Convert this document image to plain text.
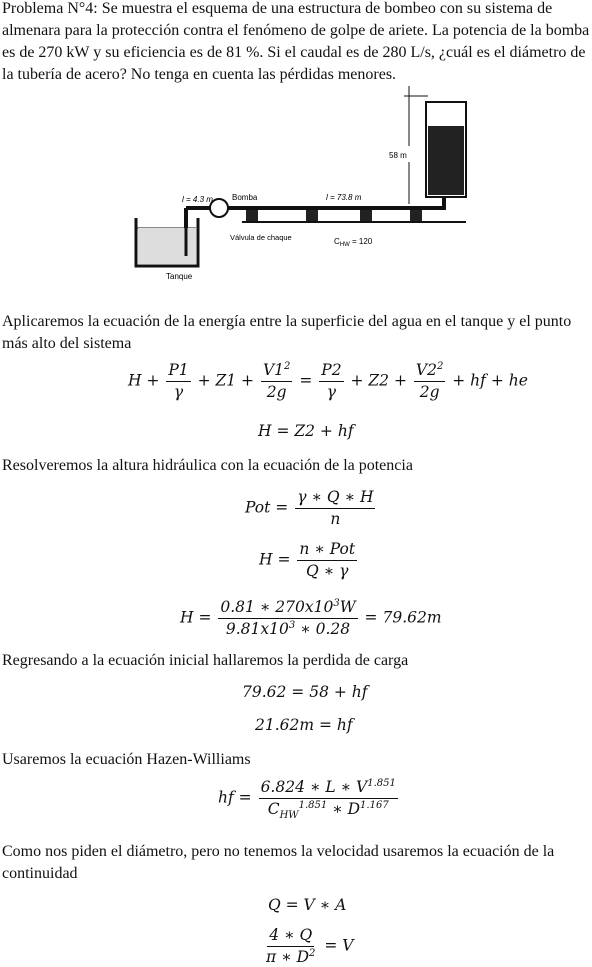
Problema N°4: Se muestra el esquema de una estructura de bombeo con su sistema de almenara para la protección contra el fenómeno de golpe de ariete. La potencia de la bomba es de 270 kW y su eficiencia es de 81 %. Si el caudal es de 280 L/s, ¿cuál es el diámetro de la tubería de acero? No tenga en cuenta las pérdidas menores.
58 m
Bomba
l = 4.3 m	l = 73.8 m
Tanque
Válvula de chaque	$C_{HW} = 120$
Aplicaremos la ecuación de la energía entre la superficie del agua en el tanque y el punto más alto del sistema
$H + \frac{P1}{\gamma} + Z1 + \frac{V1^2}{2g} = \frac{P2}{\gamma} + Z2 + \frac{V2^2}{2g}$ + hf + he
H = Z2 + hf
Resolveremos la altura hidráulica con la ecuación de la potencia
Pot = $\frac{\gamma ∗ Q ∗ H}{n}$
$H = \frac{\text{n ∗ Pot}}{Q ∗ \gamma}$
$H = \frac{0.81 ∗ 270x10^3W}{9.81x10^3 ∗ 0.28} = 79.62m$
Regresando a la ecuación inicial hallaremos la perdida de carga
79.62 = 58 + hf
21.62m = hf
Usaremos la ecuación Hazen-Williams
hf = $\frac{6.824 ∗ L ∗ V^{1.851}}{C_{HW}^{1.851} ∗ D^{1.167}}$
Como nos piden el diámetro, pero no tenemos la velocidad usaremos la ecuación de la continuidad
Q = V ∗ A
$\frac{4 ∗ Q}{\pi ∗ D^2} = V$
